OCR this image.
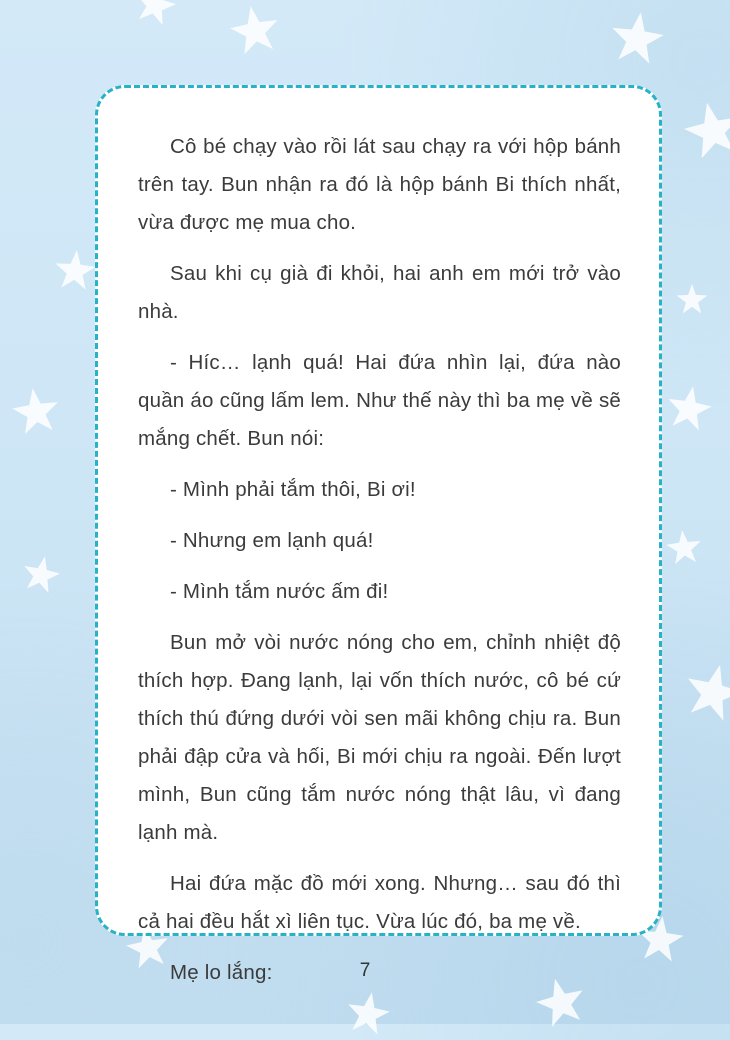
Cô bé chạy vào rồi lát sau chạy ra với hộp bánh trên tay. Bun nhận ra đó là hộp bánh Bi thích nhất, vừa được mẹ mua cho.

Sau khi cụ già đi khỏi, hai anh em mới trở vào nhà.

- Híc… lạnh quá! Hai đứa nhìn lại, đứa nào quần áo cũng lấm lem. Như thế này thì ba mẹ về sẽ mắng chết. Bun nói:

- Mình phải tắm thôi, Bi ơi!

- Nhưng em lạnh quá!

- Mình tắm nước ấm đi!

Bun mở vòi nước nóng cho em, chỉnh nhiệt độ thích hợp. Đang lạnh, lại vốn thích nước, cô bé cứ thích thú đứng dưới vòi sen mãi không chịu ra. Bun phải đập cửa và hối, Bi mới chịu ra ngoài. Đến lượt mình, Bun cũng tắm nước nóng thật lâu, vì đang lạnh mà.

Hai đứa mặc đồ mới xong. Nhưng… sau đó thì cả hai đều hắt xì liên tục. Vừa lúc đó, ba mẹ về.

Mẹ lo lắng:	7
